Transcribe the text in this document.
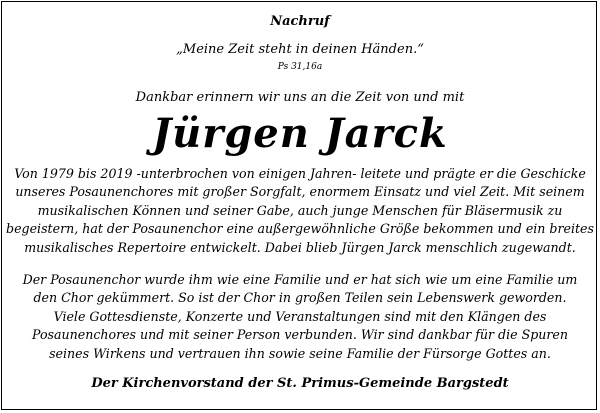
Nachruf
„Meine Zeit steht in deinen Händen.“
Ps 31,16a
Dankbar erinnern wir uns an die Zeit von und mit
Jürgen Jarck
Von 1979 bis 2019 -unterbrochen von einigen Jahren- leitete und prägte er die Geschicke
unseres Posaunenchores mit großer Sorgfalt, enormem Einsatz und viel Zeit. Mit seinem
musikalischen Können und seiner Gabe, auch junge Menschen für Bläsermusik zu
begeistern, hat der Posaunenchor eine außergewöhnliche Größe bekommen und ein breites
musikalisches Repertoire entwickelt. Dabei blieb Jürgen Jarck menschlich zugewandt.
Der Posaunenchor wurde ihm wie eine Familie und er hat sich wie um eine Familie um
den Chor gekümmert. So ist der Chor in großen Teilen sein Lebenswerk geworden.
Viele Gottesdienste, Konzerte und Veranstaltungen sind mit den Klängen des
Posaunenchores und mit seiner Person verbunden. Wir sind dankbar für die Spuren
seines Wirkens und vertrauen ihn sowie seine Familie der Fürsorge Gottes an.
Der Kirchenvorstand der St. Primus-Gemeinde Bargstedt
